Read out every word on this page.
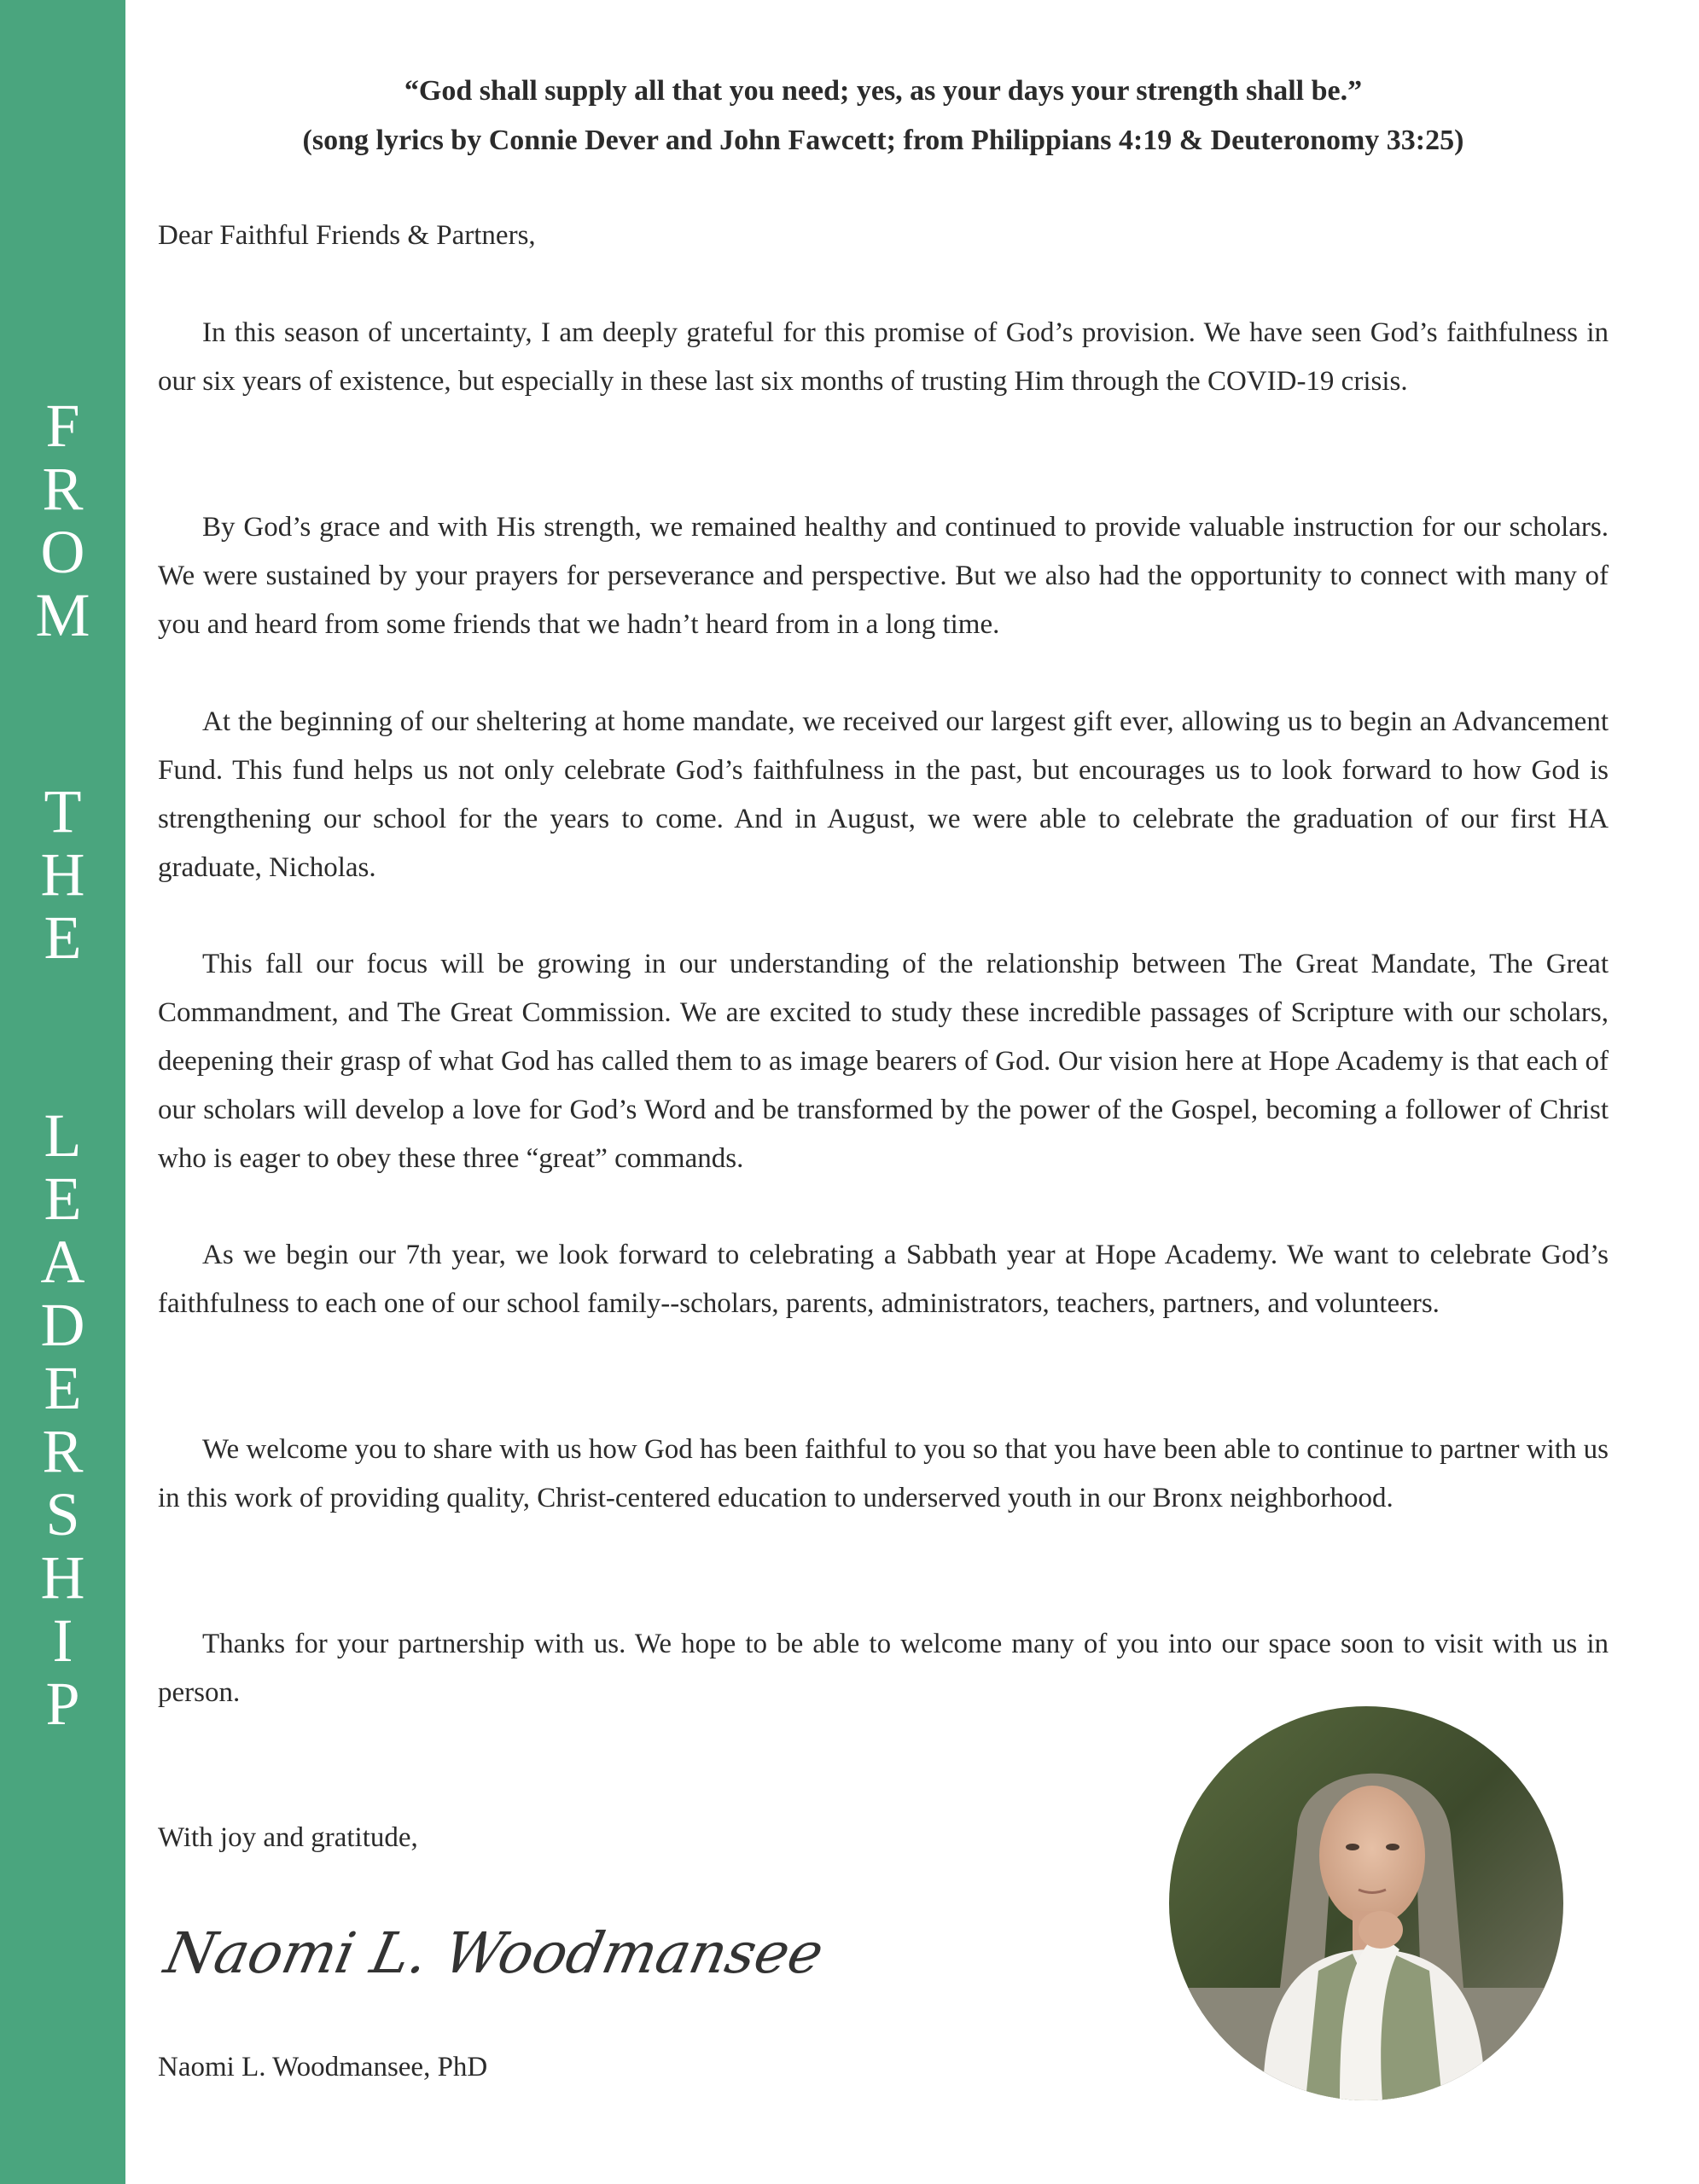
F
R
O
M
T
H
E
L
E
A
D
E
R
S
H
I
P
“God shall supply all that you need; yes, as your days your strength shall be.”
(song lyrics by Connie Dever and John Fawcett; from Philippians 4:19 & Deuteronomy 33:25)

Dear Faithful Friends & Partners,

In this season of uncertainty, I am deeply grateful for this promise of God’s provision. We have seen God’s faithfulness in our six years of existence, but especially in these last six months of trusting Him through the COVID-19 crisis.

By God’s grace and with His strength, we remained healthy and continued to provide valuable instruction for our scholars. We were sustained by your prayers for perseverance and perspective. But we also had the opportunity to connect with many of you and heard from some friends that we hadn’t heard from in a long time.

At the beginning of our sheltering at home mandate, we received our largest gift ever, allowing us to begin an Advancement Fund. This fund helps us not only celebrate God’s faithfulness in the past, but encourages us to look forward to how God is strengthening our school for the years to come. And in August, we were able to celebrate the graduation of our first HA graduate, Nicholas.

This fall our focus will be growing in our understanding of the relationship between The Great Mandate, The Great Commandment, and The Great Commission. We are excited to study these incredible passages of Scripture with our scholars, deepening their grasp of what God has called them to as image bearers of God. Our vision here at Hope Academy is that each of our scholars will develop a love for God’s Word and be transformed by the power of the Gospel, becoming a follower of Christ who is eager to obey these three “great” commands.

As we begin our 7th year, we look forward to celebrating a Sabbath year at Hope Academy. We want to celebrate God’s faithfulness to each one of our school family--scholars, parents, administrators, teachers, partners, and volunteers.

We welcome you to share with us how God has been faithful to you so that you have been able to continue to partner with us in this work of providing quality, Christ-centered education to underserved youth in our Bronx neighborhood.

Thanks for your partnership with us. We hope to be able to welcome many of you into our space soon to visit with us in person.

With joy and gratitude,

Naomi L. Woodmansee

Naomi L. Woodmansee, PhD
